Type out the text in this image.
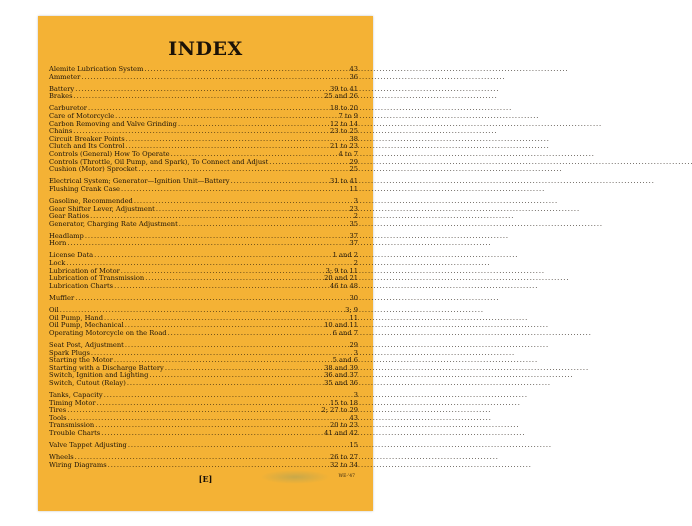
INDEX
Alemite Lubrication System . . .	43
Ammeter . . .	36
Battery . . .	39 to 41
Brakes . . .	25 and 26
Carburetor . . .	18 to 20
Care of Motorcycle . . .	7 to 9
Carbon Removing and Valve Grinding . . .	12 to 14
Chains . . .	23 to 25
Circuit Breaker Points . . .	38
Clutch and Its Control . . .	21 to 23
Controls (General) How To Operate . . .	4 to 7
Controls (Throttle, Oil Pump, and Spark), To Connect and Adjust . . .	29
Cushion (Motor) Sprocket . . .	25
Electrical System; Generator—Ignition Unit—Battery . . .	31 to 41
Flushing Crank Case . . .	11
Gasoline, Recommended . . .	3
Gear Shifter Lever, Adjustment . . .	23
Gear Ratios . . .	2
Generator, Charging Rate Adjustment . . .	35
Headlamp . . .	37
Horn . . .	37
License Data . . .	1 and 2
Lock . . .	2
Lubrication of Motor . . .	3; 9 to 11
Lubrication of Transmission . . .	20 and 21
Lubrication Charts . . .	46 to 48
Muffler . . .	30
Oil . . .	3; 9
Oil Pump, Hand . . .	11
Oil Pump, Mechanical . . .	10 and 11
Operating Motorcycle on the Road . . .	6 and 7
Seat Post, Adjustment . . .	29
Spark Plugs . . .	3
Starting the Motor . . .	5 and 6
Starting with a Discharge Battery . . .	38 and 39
Switch, Ignition and Lighting . . .	36 and 37
Switch, Cutout (Relay) . . .	35 and 36
Tanks, Capacity . . .	3
Timing Motor . . .	15 to 18
Tires . . .	2; 27 to 29
Tools . . .	43
Transmission . . .	20 to 23
Trouble Charts . . .	41 and 42
Valve Tappet Adjusting . . .	15
Wheels . . .	26 to 27
Wiring Diagrams . . .	32 to 34
[E]	WE-'47
